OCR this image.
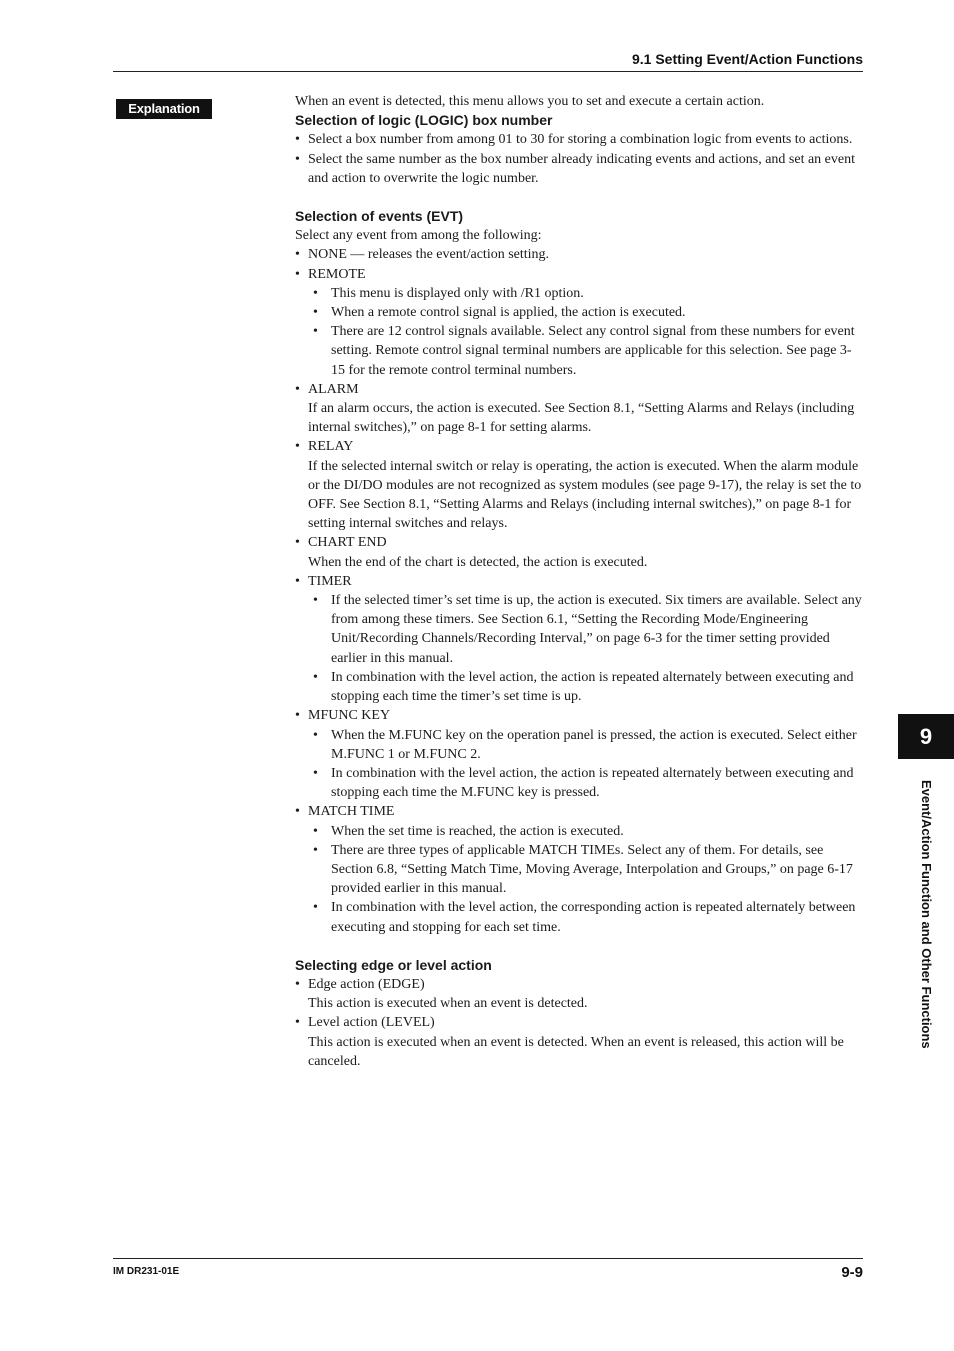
9.1 Setting Event/Action Functions
Explanation	When an event is detected, this menu allows you to set and execute a certain action.

Selection of logic (LOGIC) box number

• Select a box number from among 01 to 30 for storing a combination logic from events to actions.
• Select the same number as the box number already indicating events and actions, and set an event and action to overwrite the logic number.

Selection of events (EVT)

Select any event from among the following:

• NONE — releases the event/action setting.
• REMOTE
• This menu is displayed only with /R1 option.
• When a remote control signal is applied, the action is executed.
• There are 12 control signals available. Select any control signal from these numbers for event setting. Remote control signal terminal numbers are applicable for this selection. See page 3-15 for the remote control terminal numbers.
• ALARM

If an alarm occurs, the action is executed. See Section 8.1, “Setting Alarms and Relays (including internal switches),” on page 8-1 for setting alarms.

• RELAY

If the selected internal switch or relay is operating, the action is executed. When the alarm module or the DI/DO modules are not recognized as system modules (see page 9-17), the relay is set the to OFF. See Section 8.1, “Setting Alarms and Relays (including internal switches),” on page 8-1 for setting internal switches and relays.

• CHART END

When the end of the chart is detected, the action is executed.

• TIMER
• If the selected timer’s set time is up, the action is executed. Six timers are available. Select any from among these timers. See Section 6.1, “Setting the Recording Mode/Engineering Unit/Recording Channels/Recording Interval,” on page 6-3 for the timer setting provided earlier in this manual.
• In combination with the level action, the action is repeated alternately between executing and stopping each time the timer’s set time is up.
• MFUNC KEY
• When the M.FUNC key on the operation panel is pressed, the action is executed. Select either M.FUNC 1 or M.FUNC 2.
• In combination with the level action, the action is repeated alternately between executing and stopping each time the M.FUNC key is pressed.
• MATCH TIME
• When the set time is reached, the action is executed.
• There are three types of applicable MATCH TIMEs. Select any of them. For details, see Section 6.8, “Setting Match Time, Moving Average, Interpolation and Groups,” on page 6-17 provided earlier in this manual.
• In combination with the level action, the corresponding action is repeated alternately between executing and stopping for each set time.

Selecting edge or level action

• Edge action (EDGE)

This action is executed when an event is detected.

• Level action (LEVEL)

This action is executed when an event is detected. When an event is released, this action will be canceled.

9
Event/Action Function and Other Functions
IM DR231-01E	9-9
